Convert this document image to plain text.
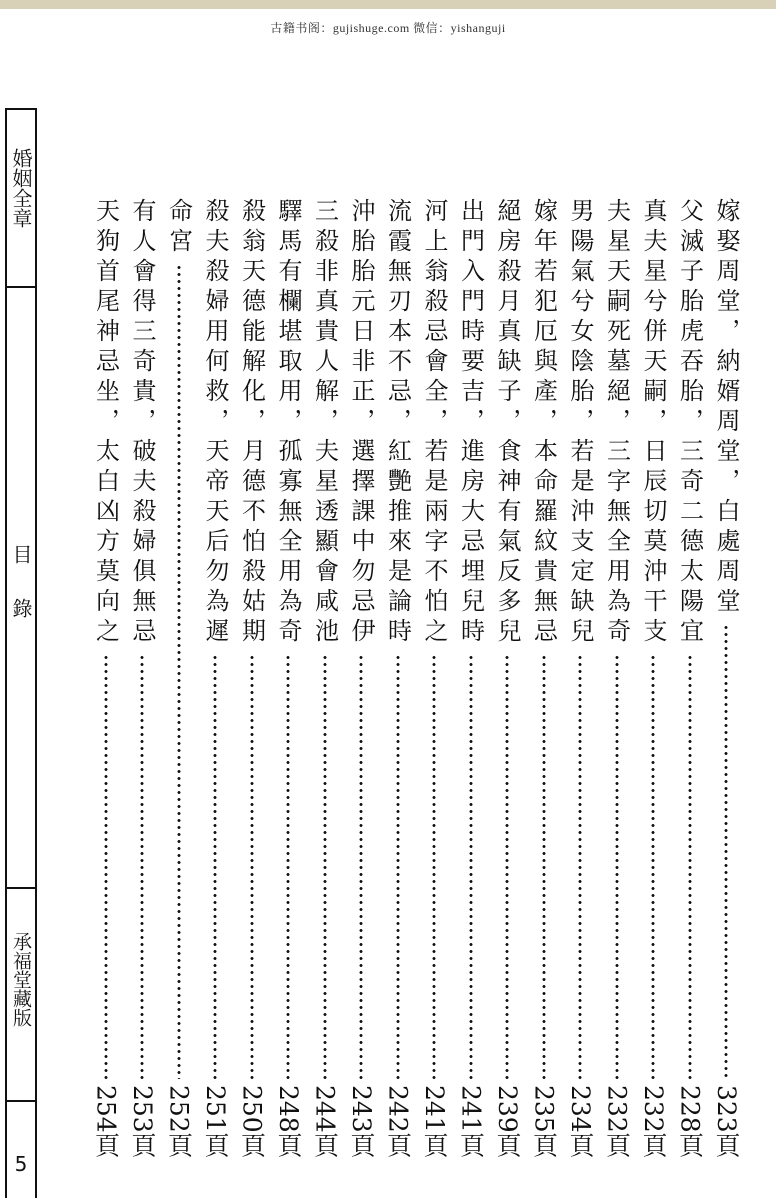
古籍书阁：gujishuge.com 微信：yishanguji
婚姻全章
目錄
承福堂藏版
5
嫁娶周堂，納婿周堂，白處周堂
323頁
父滅子胎虎吞胎，三奇二德太陽宜
228頁
真夫星兮併天嗣，日辰切莫沖干支
232頁
夫星天嗣死墓絕，三字無全用為奇
232頁
男陽氣兮女陰胎，若是沖支定缺兒
234頁
嫁年若犯厄與產，本命羅紋貴無忌
235頁
絕房殺月真缺子，食神有氣反多兒
239頁
出門入門時要吉，進房大忌埋兒時
241頁
河上翁殺忌會全，若是兩字不怕之
241頁
流霞無刃本不忌，紅艷推來是論時
242頁
沖胎胎元日非正，選擇課中勿忌伊
243頁
三殺非真貴人解，夫星透顯會咸池
244頁
驛馬有欄堪取用，孤寡無全用為奇
248頁
殺翁天德能解化，月德不怕殺姑期
250頁
殺夫殺婦用何救，天帝天后勿為遲
251頁
命宮
252頁
有人會得三奇貴，破夫殺婦俱無忌
253頁
天狗首尾神忌坐，太白凶方莫向之
254頁
